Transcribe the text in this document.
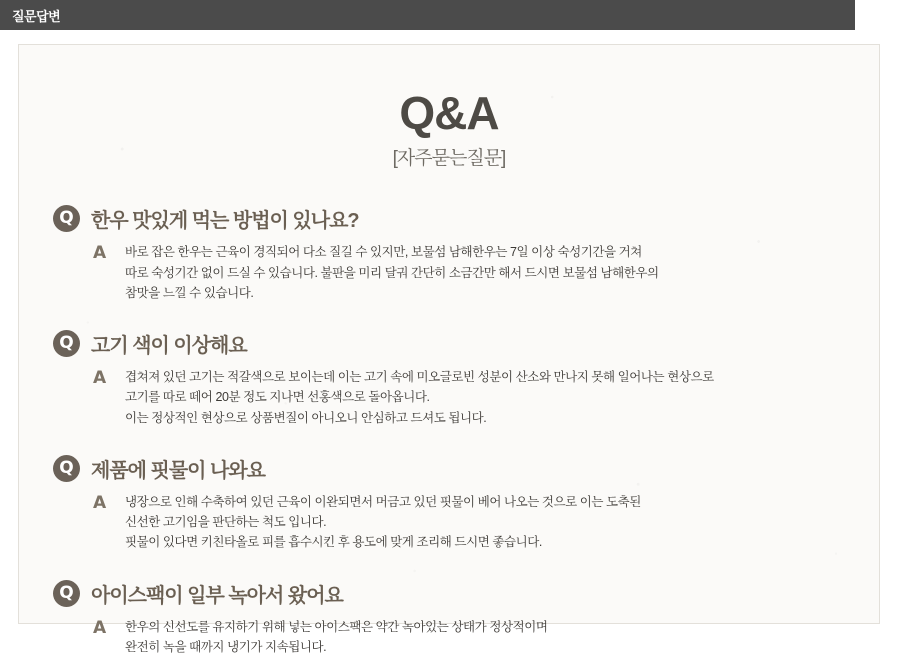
질문답변
Q&A
[자주묻는질문]
Q 한우 맛있게 먹는 방법이 있나요?
A	바로 잡은 한우는 근육이 경직되어 다소 질길 수 있지만, 보물섬 남해한우는 7일 이상 숙성기간을 거쳐
따로 숙성기간 없이 드실 수 있습니다. 불판을 미리 달궈 간단히 소금간만 해서 드시면 보물섬 남해한우의
참맛을 느낄 수 있습니다.
Q 고기 색이 이상해요
A	겹쳐져 있던 고기는 적갈색으로 보이는데 이는 고기 속에 미오글로빈 성분이 산소와 만나지 못해 일어나는 현상으로
고기를 따로 떼어 20분 정도 지나면 선홍색으로 돌아옵니다.
이는 정상적인 현상으로 상품변질이 아니오니 안심하고 드셔도 됩니다.
Q 제품에 핏물이 나와요
A	냉장으로 인해 수축하여 있던 근육이 이완되면서 머금고 있던 핏물이 베어 나오는 것으로 이는 도축된
신선한 고기임을 판단하는 척도 입니다.
핏물이 있다면 키친타올로 피를 흡수시킨 후 용도에 맞게 조리해 드시면 좋습니다.
Q 아이스팩이 일부 녹아서 왔어요
A	한우의 신선도를 유지하기 위해 넣는 아이스팩은 약간 녹아있는 상태가 정상적이며
완전히 녹을 때까지 냉기가 지속됩니다.
